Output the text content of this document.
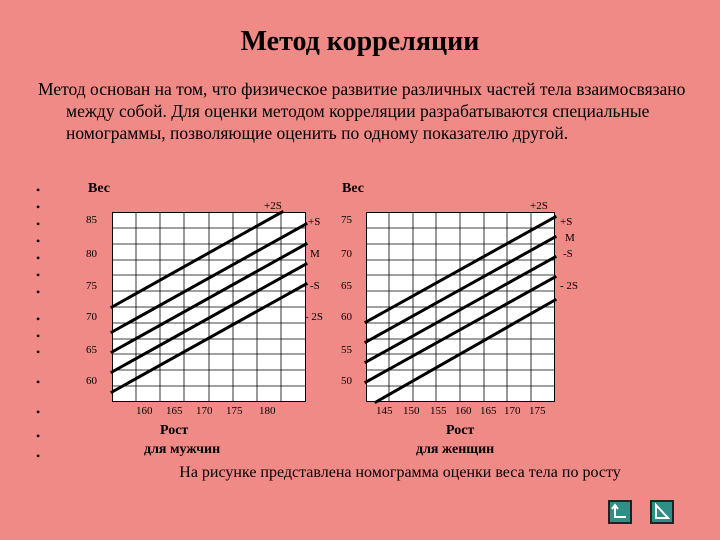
Метод корреляции
Метод основан на том, что физическое развитие различных частей тела взаимосвязано между собой. Для оценки методом корреляции разрабатываются специальные номограммы, позволяющие оценить по одному показателю другой.
•
•
•
•
•
•
•
•
•
•
•
•
•
•
Вес
85
80
75
70
65
60
+2S
+S
M
-S
- 2S
160 165 170 175 180
Рост
для мужчин
Вес
75
70
65
60
55
50
+2S
+S
M
-S
- 2S
145 150 155 160 165 170 175
Рост
для женщин
На рисунке представлена номограмма оценки веса тела по росту
